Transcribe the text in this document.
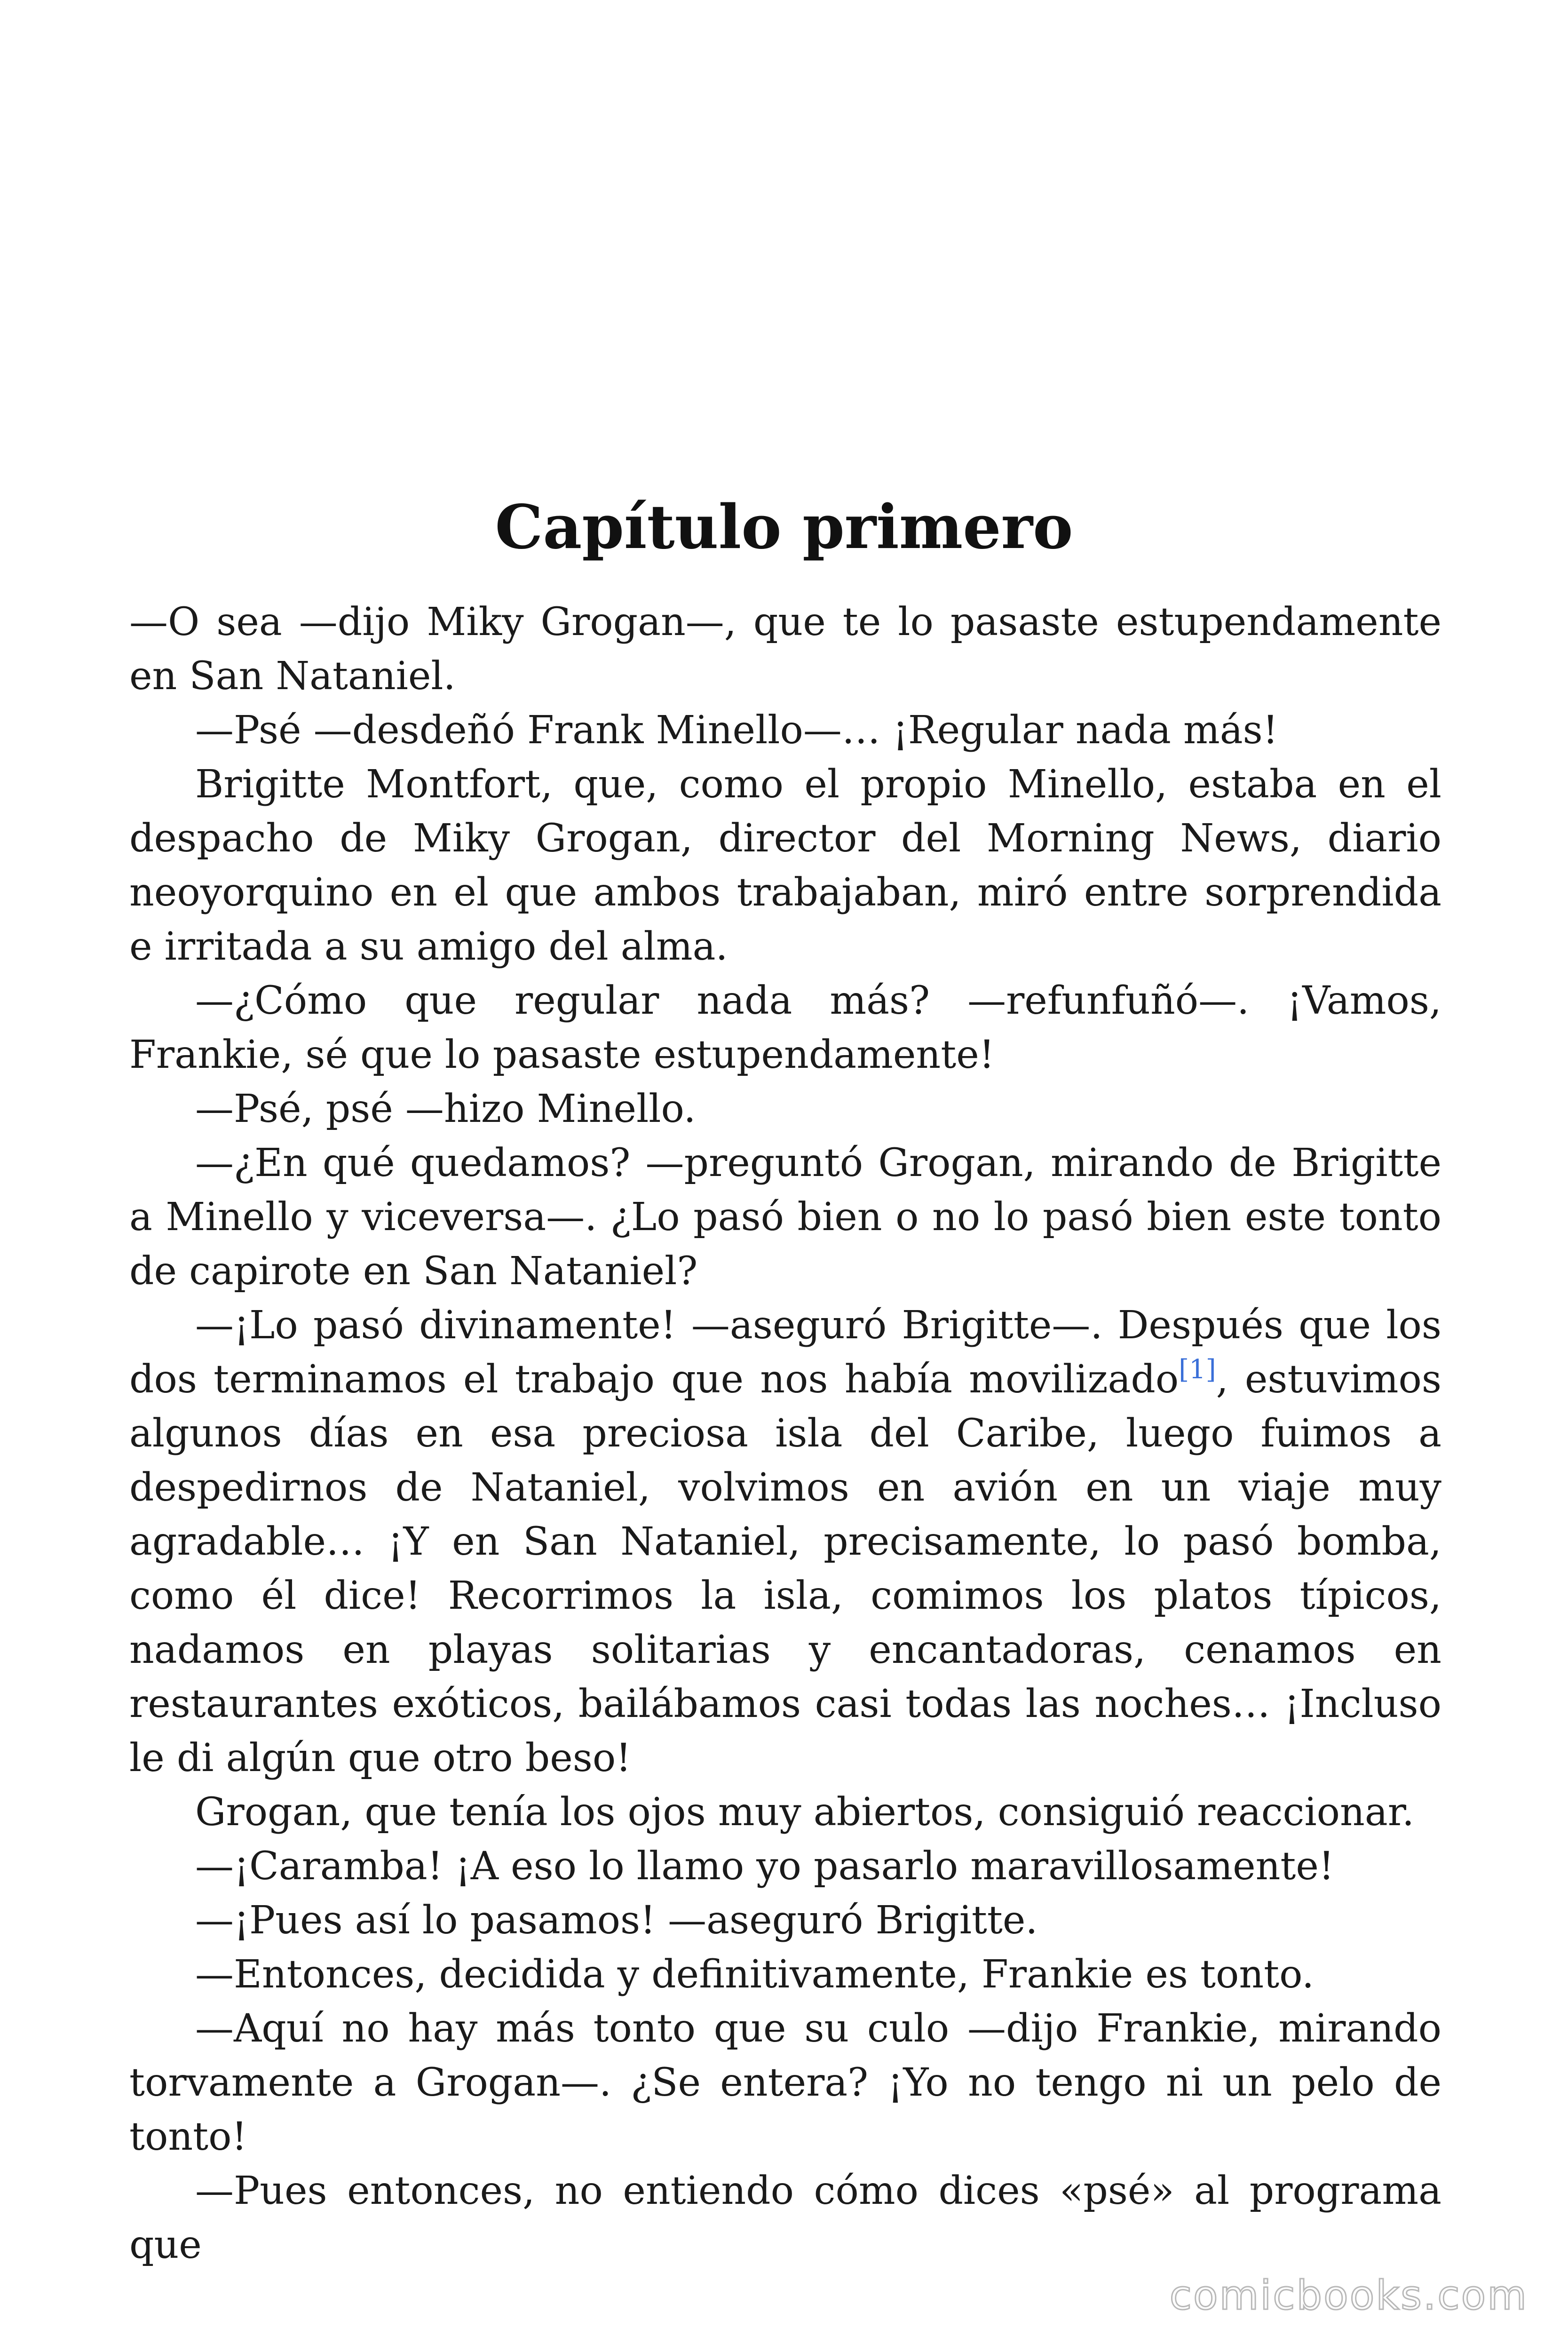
Capítulo primero

—O sea —dijo Miky Grogan—, que te lo pasaste estupendamente en San Nataniel.

—Psé —desdeñó Frank Minello—… ¡Regular nada más!

Brigitte Montfort, que, como el propio Minello, estaba en el despacho de Miky Grogan, director del Morning News, diario neoyorquino en el que ambos trabajaban, miró entre sorprendida e irritada a su amigo del alma.

—¿Cómo que regular nada más? —refunfuñó—. ¡Vamos, Frankie, sé que lo pasaste estupendamente!

—Psé, psé —hizo Minello.

—¿En qué quedamos? —preguntó Grogan, mirando de Brigitte a Minello y viceversa—. ¿Lo pasó bien o no lo pasó bien este tonto de capirote en San Nataniel?

—¡Lo pasó divinamente! —aseguró Brigitte—. Después que los dos terminamos el trabajo que nos había movilizado[1], estuvimos algunos días en esa preciosa isla del Caribe, luego fuimos a despedirnos de Nataniel, volvimos en avión en un viaje muy agradable… ¡Y en San Nataniel, precisamente, lo pasó bomba, como él dice! Recorrimos la isla, comimos los platos típicos, nadamos en playas solitarias y encantadoras, cenamos en restaurantes exóticos, bailábamos casi todas las noches… ¡Incluso le di algún que otro beso!

Grogan, que tenía los ojos muy abiertos, consiguió reaccionar.

—¡Caramba! ¡A eso lo llamo yo pasarlo maravillosamente!

—¡Pues así lo pasamos! —aseguró Brigitte.

—Entonces, decidida y definitivamente, Frankie es tonto.

—Aquí no hay más tonto que su culo —dijo Frankie, mirando torvamente a Grogan—. ¿Se entera? ¡Yo no tengo ni un pelo de tonto!

—Pues entonces, no entiendo cómo dices «psé» al programa que

comicbooks.com
